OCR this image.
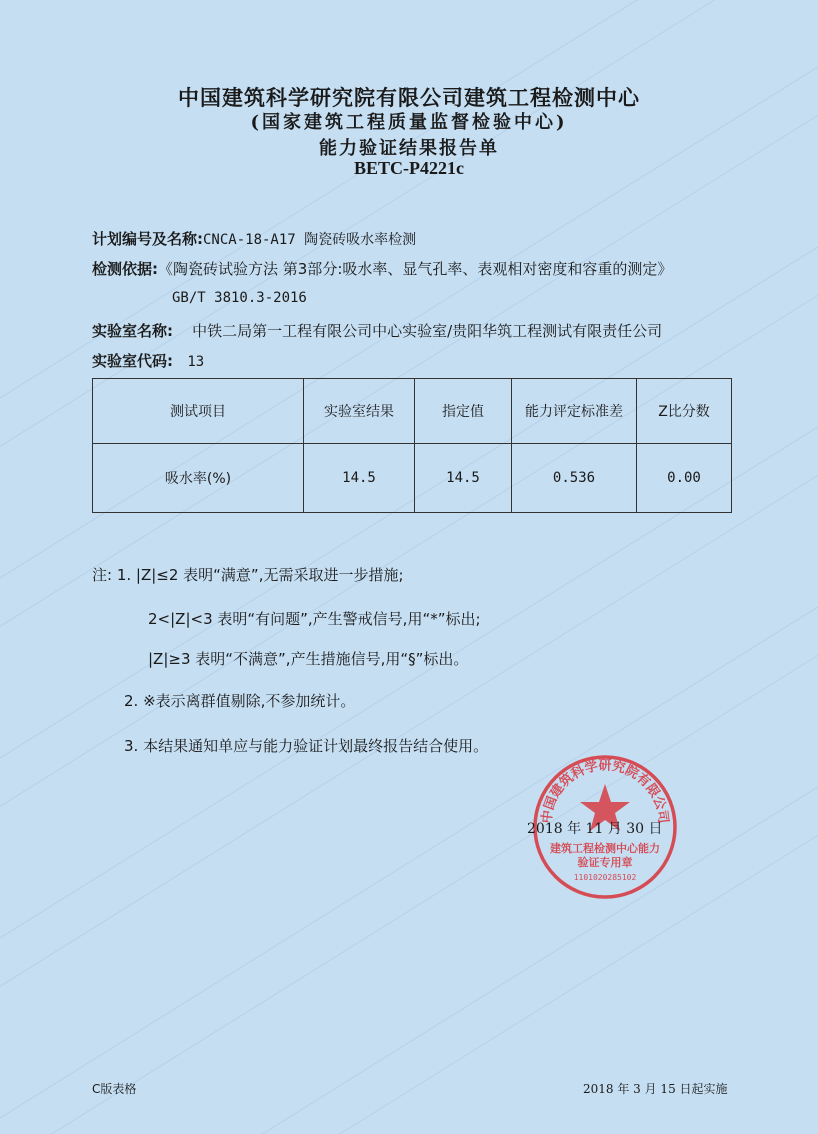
中国建筑科学研究院有限公司建筑工程检测中心
(国家建筑工程质量监督检验中心)
能力验证结果报告单
BETC-P4221c
计划编号及名称:CNCA-18-A17 陶瓷砖吸水率检测
检测依据:《陶瓷砖试验方法 第3部分:吸水率、显气孔率、表观相对密度和容重的测定》
GB/T 3810.3-2016
实验室名称: 中铁二局第一工程有限公司中心实验室/贵阳华筑工程测试有限责任公司
实验室代码: 13
测试项目	实验室结果	指定值	能力评定标准差	Z比分数
吸水率(%)	14.5	14.5	0.536	0.00
注: 1. |Z|≤2 表明“满意”,无需采取进一步措施;
2<|Z|<3 表明“有问题”,产生警戒信号,用“*”标出;
|Z|≥3 表明“不满意”,产生措施信号,用“§”标出。
2. ※表示离群值剔除,不参加统计。
3. 本结果通知单应与能力验证计划最终报告结合使用。
中国建筑科学研究院有限公司
建筑工程检测中心能力
验证专用章
1101020285102
2018 年 11 月 30 日
C版表格	2018 年 3 月 15 日起实施
